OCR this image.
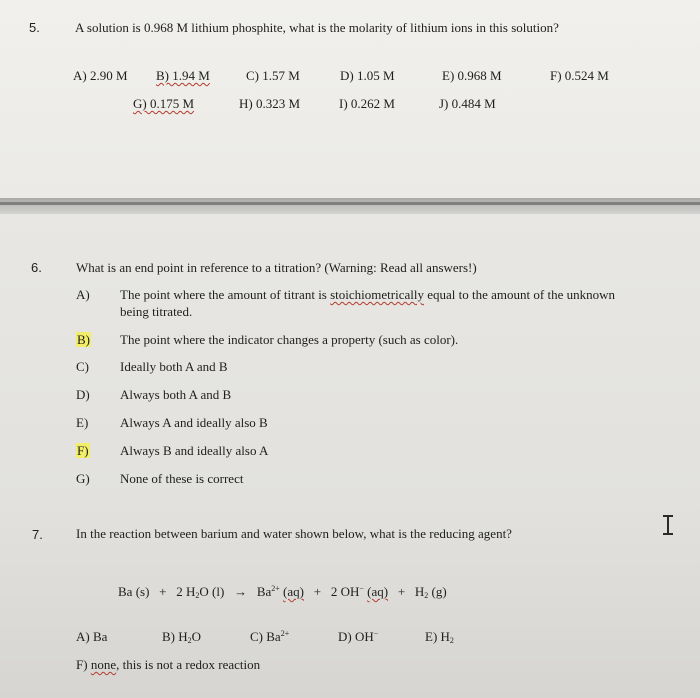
5.	A solution is 0.968 M lithium phosphite, what is the molarity of lithium ions in this solution?
A) 2.90 M B) 1.94 M	C) 1.57 M	D) 1.05 M	E) 0.968 M	F) 0.524 M
G) 0.175 M	H) 0.323 M	I) 0.262 M	J) 0.484 M
6.	What is an end point in reference to a titration? (Warning: Read all answers!)
A) The point where the amount of titrant is stoichiometrically equal to the amount of the unknown
being titrated.
B) The point where the indicator changes a property (such as color).
C) Ideally both A and B
D) Always both A and B
E) Always A and ideally also B
F) Always B and ideally also A
G) None of these is correct
7.	In the reaction between barium and water shown below, what is the reducing agent?
Ba (s) + 2 $H_2O$ $(l) \to Ba^{2+}$ (aq) + 2 OH− $(aq) + H_2$ (g)
A) Ba	B) $H_2O$	C) $Ba^{2+}$	D) OH−	E) $H_2$
F) none, this is not a redox reaction
